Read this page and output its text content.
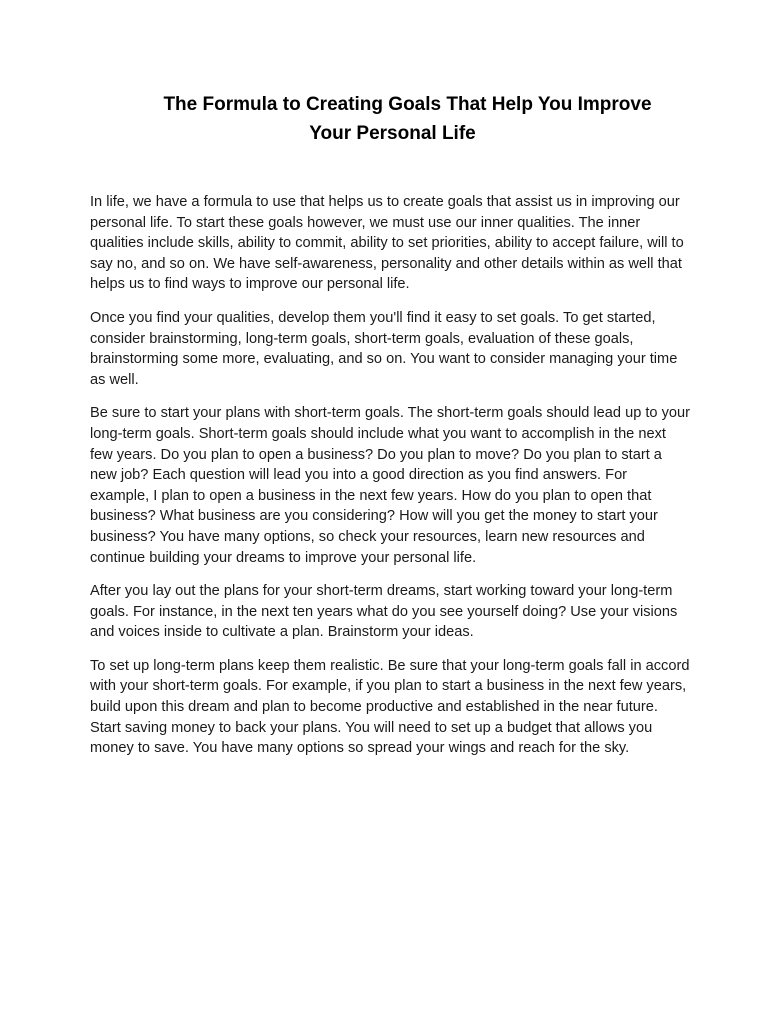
The Formula to Creating Goals That Help You Improve
Your Personal Life

In life, we have a formula to use that helps us to create goals that assist us in improving our personal life. To start these goals however, we must use our inner qualities. The inner qualities include skills, ability to commit, ability to set priorities, ability to accept failure, will to say no, and so on. We have self-awareness, personality and other details within as well that helps us to find ways to improve our personal life.

Once you find your qualities, develop them you'll find it easy to set goals. To get started, consider brainstorming, long-term goals, short-term goals, evaluation of these goals, brainstorming some more, evaluating, and so on. You want to consider managing your time as well.

Be sure to start your plans with short-term goals. The short-term goals should lead up to your long-term goals. Short-term goals should include what you want to accomplish in the next few years. Do you plan to open a business? Do you plan to move? Do you plan to start a new job? Each question will lead you into a good direction as you find answers. For example, I plan to open a business in the next few years. How do you plan to open that business? What business are you considering? How will you get the money to start your business? You have many options, so check your resources, learn new resources and continue building your dreams to improve your personal life.

After you lay out the plans for your short-term dreams, start working toward your long-term goals. For instance, in the next ten years what do you see yourself doing? Use your visions and voices inside to cultivate a plan. Brainstorm your ideas.

To set up long-term plans keep them realistic. Be sure that your long-term goals fall in accord with your short-term goals. For example, if you plan to start a business in the next few years, build upon this dream and plan to become productive and established in the near future. Start saving money to back your plans. You will need to set up a budget that allows you money to save. You have many options so spread your wings and reach for the sky.
